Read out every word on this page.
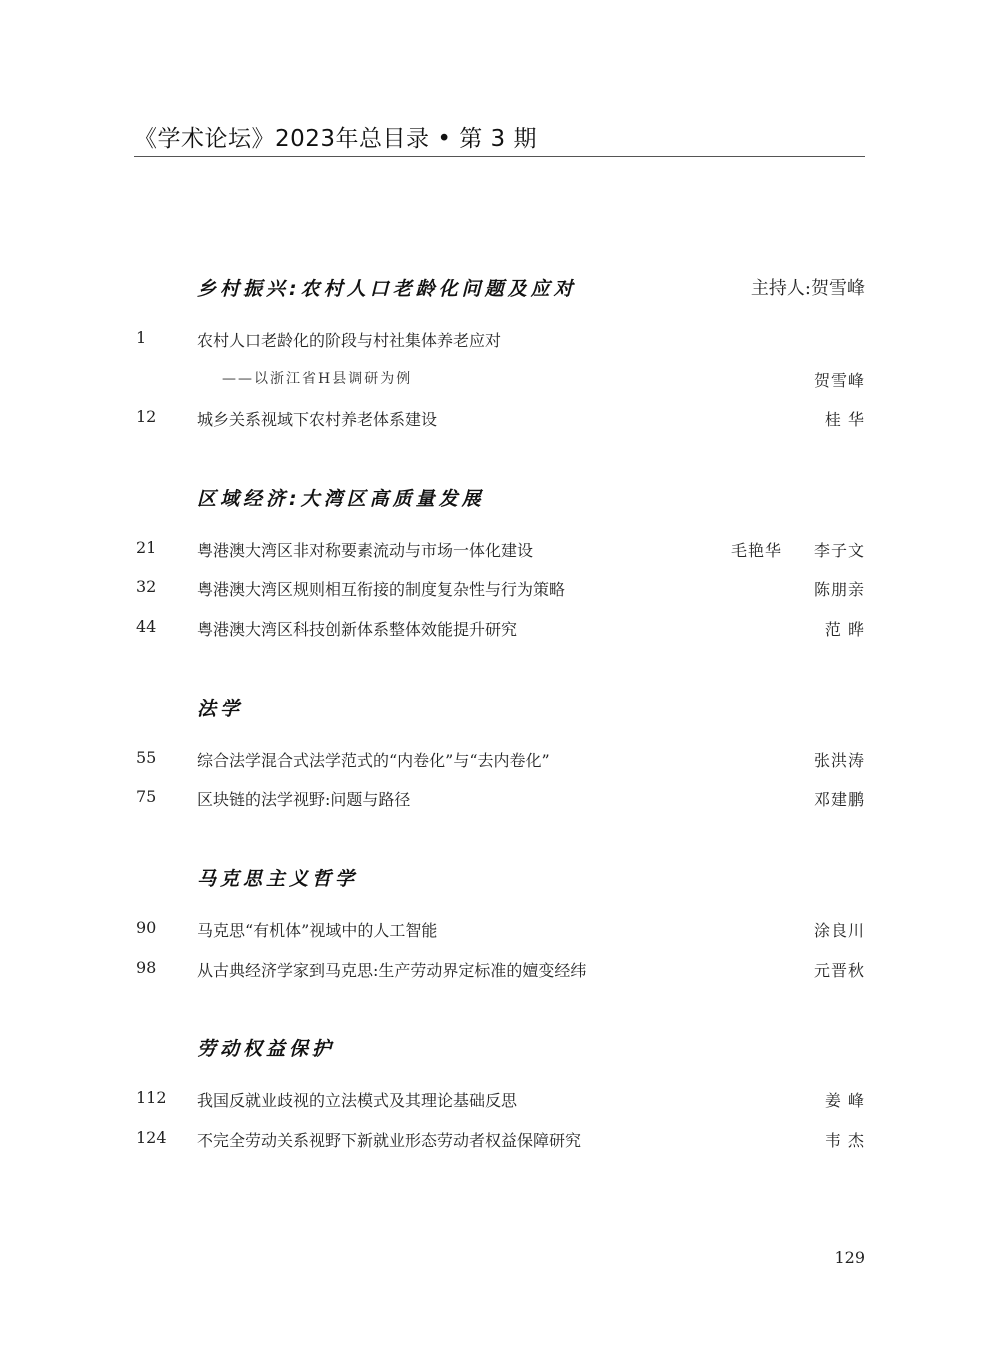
《学术论坛》2023年总目录 • 第 3 期
乡村振兴:农村人口老龄化问题及应对	主持人:贺雪峰
1	农村人口老龄化的阶段与村社集体养老应对
——以浙江省H县调研为例	贺雪峰
12	城乡关系视域下农村养老体系建设	桂 华
区域经济:大湾区高质量发展
21	粤港澳大湾区非对称要素流动与市场一体化建设	毛艳华 李子文
32	粤港澳大湾区规则相互衔接的制度复杂性与行为策略	陈朋亲
44	粤港澳大湾区科技创新体系整体效能提升研究	范 晔
法学
55	综合法学混合式法学范式的“内卷化”与“去内卷化”	张洪涛
75	区块链的法学视野:问题与路径	邓建鹏
马克思主义哲学
90	马克思“有机体”视域中的人工智能	涂良川
98	从古典经济学家到马克思:生产劳动界定标准的嬗变经纬	元晋秋
劳动权益保护
112 我国反就业歧视的立法模式及其理论基础反思	姜 峰
124 不完全劳动关系视野下新就业形态劳动者权益保障研究	韦 杰
129
